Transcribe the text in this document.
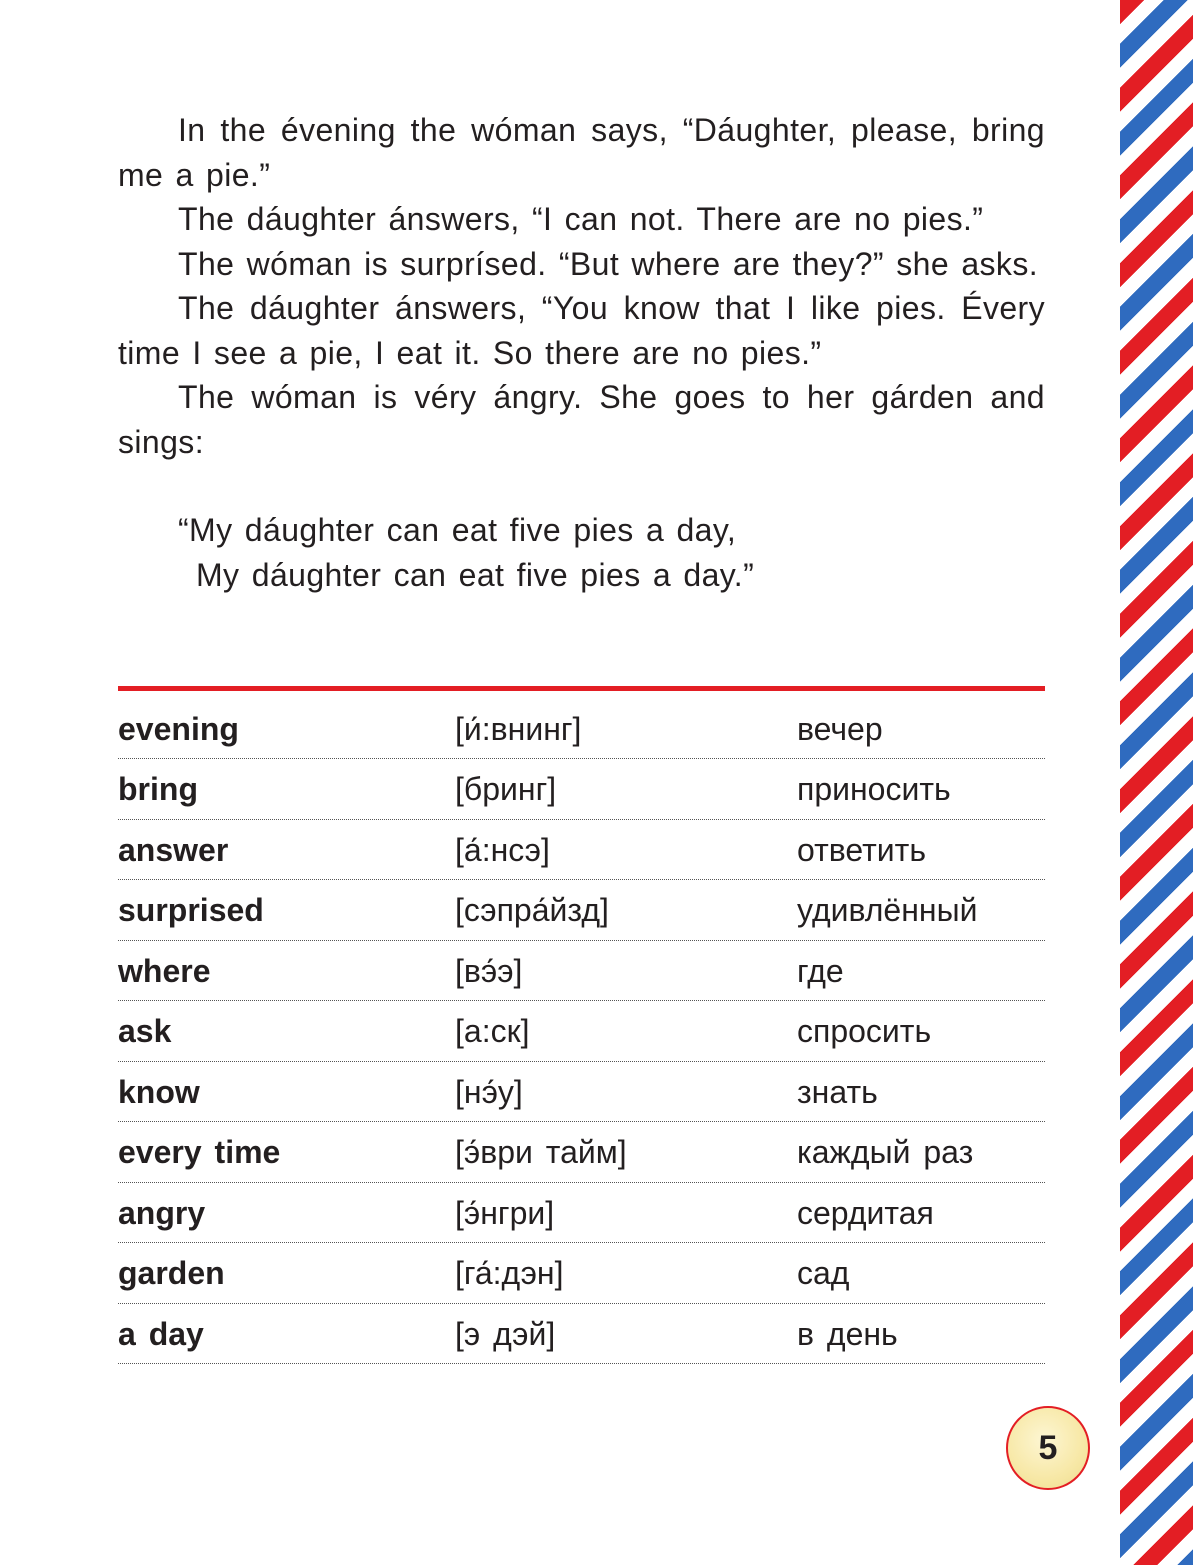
In the évening the wóman says, “Dáughter, please, bring me a pie.”

The dáughter ánswers, “I can not. There are no pies.”

The wóman is surprísed. “But where are they?” she asks.

The dáughter ánswers, “You know that I like pies. Évery time I see a pie, I eat it. So there are no pies.”

The wóman is véry ángry. She goes to her gárden and sings:

“My dáughter can eat five pies a day,
My dáughter can eat five pies a day.”
evening	[и́:внинг]	вечер
bring	[бринг]	приносить
answer	[а́:нсэ]	ответить
surprised	[сэпра́йзд]	удивлённый
where	[вэ́э]	где
ask	[а:ск]	спросить
know	[нэ́у]	знать
every time	[э́ври тайм]	каждый раз
angry	[э́нгри]	сердитая
garden	[га́:дэн]	сад
a day	[э дэй]	в день
5
